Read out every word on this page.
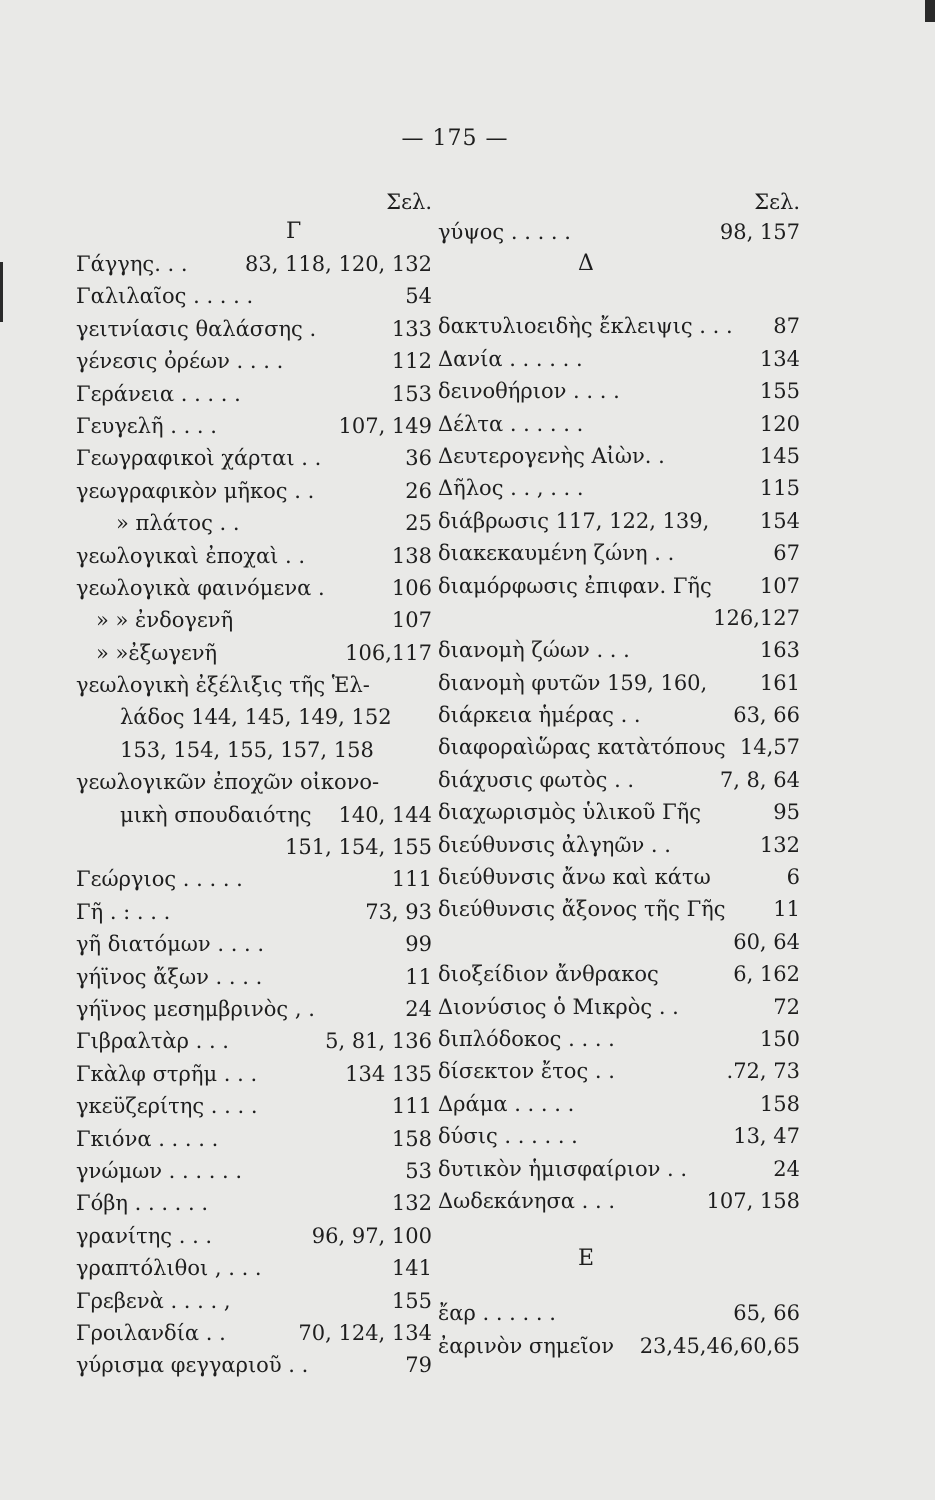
— 175 —
Σελ.
Γ
Γάγγης. . .	83, 118, 120, 132
Γαλιλαῖος . . . . .	54
γειτνίασις θαλάσσης .	133
γένεσις ὀρέων . . . .	112
Γεράνεια . . . . .	153
Γευγελῆ . . . .	107, 149
Γεωγραφικοὶ χάρται . .	36
γεωγραφικὸν μῆκος . .	26
» πλάτος . .	25
γεωλογικαὶ ἐποχαὶ . .	138
γεωλογικὰ φαινόμενα .	106
» » ἐνδογενῆ	107
» »ἐξωγενῆ	106,117
γεωλογικὴ ἐξέλιξις τῆς Ἑλ-
λάδος 144, 145, 149, 152
153, 154, 155, 157, 158
γεωλογικῶν ἐποχῶν οἰκονο-
μικὴ σπουδαιότης 140, 144
151, 154, 155
Γεώργιος . . . . .	111
Γῆ . : . . .	73, 93
γῆ διατόμων . . . .	99
γήϊνος ἄξων . . . .	11
γήϊνος μεσημβρινὸς , .	24
Γιβραλτὰρ . . .	5, 81, 136
Γκὰλφ στρῆμ . . .	134 135
γκεϋζερίτης . . . .	111
Γκιόνα . . . . .	158
γνώμων . . . . . .	53
Γόβη . . . . . .	132
γρανίτης . . .	96, 97, 100
γραπτόλιθοι , . . .	141
Γρεβενὰ . . . . ,	155
Γροιλανδία . .	70, 124, 134
γύρισμα φεγγαριοῦ . .	79
Σελ.
γύψος . . . . .	98, 157
Δ
δακτυλιοειδὴς ἔκλειψις . . . 87
Δανία . . . . . .	134
δεινοθήριον . . . .	155
Δέλτα . . . . . .	120
Δευτερογενὴς Αἰὼν. .	145
Δῆλος . . , . . .	115
διάβρωσις 117, 122, 139, 154
διακεκαυμένη ζώνη . .	67
διαμόρφωσις ἐπιφαν. Γῆς 107
126,127
διανομὴ ζώων . . .	163
διανομὴ φυτῶν 159, 160,	161
διάρκεια ἡμέρας . .	63, 66
διαφοραὶὥρας κατὰτόπους 14,57
διάχυσις φωτὸς . .	7, 8, 64
διαχωρισμὸς ὑλικοῦ Γῆς	95
διεύθυνσις ἀλγηῶν . .	132
διεύθυνσις ἄνω καὶ κάτω	6
διεύθυνσις ἄξονος τῆς Γῆς 11
60, 64
διοξείδιον ἄνθρακος	6, 162
Διονύσιος ὁ Μικρὸς . .	72
διπλόδοκος . . . .	150
δίσεκτον ἔτος . .	.72, 73
Δράμα . . . . .	158
δύσις . . . . . .	13, 47
δυτικὸν ἡμισφαίριον . .	24
Δωδεκάνησα . . .	107, 158
Ε
ἔαρ . . . . . .	65, 66
ἐαρινὸν σημεῖον 23,45,46,60,65
